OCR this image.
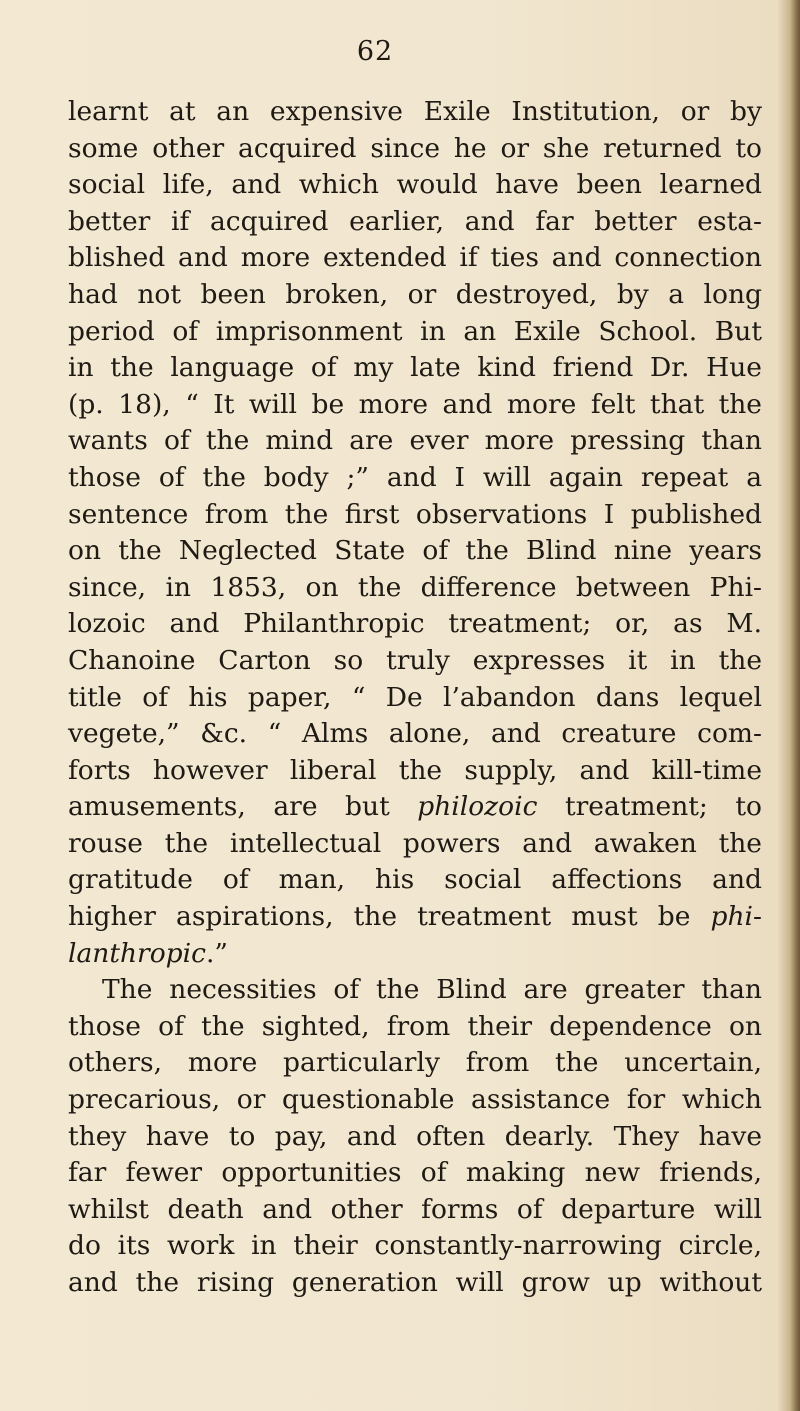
62
learnt at an expensive Exile Institution, or by
some other acquired since he or she returned to
social life, and which would have been learned
better if acquired earlier, and far better esta-
blished and more extended if ties and connection
had not been broken, or destroyed, by a long
period of imprisonment in an Exile School. But
in the language of my late kind friend Dr. Hue
(p. 18), “ It will be more and more felt that the
wants of the mind are ever more pressing than
those of the body ;” and I will again repeat a
sentence from the first observations I published
on the Neglected State of the Blind nine years
since, in 1853, on the difference between Phi-
lozoic and Philanthropic treatment; or, as M.
Chanoine Carton so truly expresses it in the
title of his paper, “ De l’abandon dans lequel
vegete,” &c. “ Alms alone, and creature com-
forts however liberal the supply, and kill-time
amusements, are but philozoic treatment; to
rouse the intellectual powers and awaken the
gratitude of man, his social affections and
higher aspirations, the treatment must be phi-
lanthropic.”
The necessities of the Blind are greater than
those of the sighted, from their dependence on
others, more particularly from the uncertain,
precarious, or questionable assistance for which
they have to pay, and often dearly. They have
far fewer opportunities of making new friends,
whilst death and other forms of departure will
do its work in their constantly-narrowing circle,
and the rising generation will grow up without
